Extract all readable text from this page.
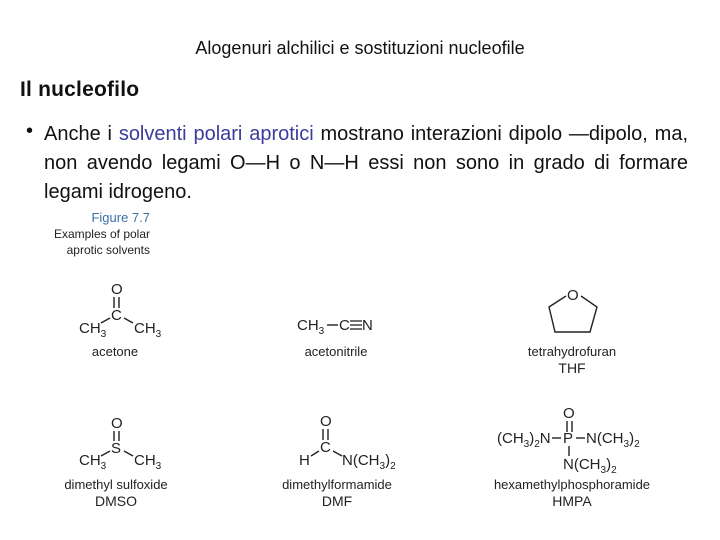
Alogenuri alchilici e sostituzioni nucleofile
Il nucleofilo
• Anche i solventi polari aprotici mostrano interazioni dipolo —dipolo, ma, non avendo legami O—H o N—H essi non sono in grado di formare legami idrogeno.
Figure 7.7
Examples of polar aprotic solvents
O
C
$CH_3$ $CH_3$
acetone
$CH_3$ C N
acetonitrile
O
tetrahydrofuran
THF
O
S
$CH_3$ $CH_3$
dimethyl sulfoxide
DMSO
O
C
H $N(CH_3)_2$
dimethylformamide
DMF
O
$(CH_3)_2N$ P $N(CH_3)_2$
$N(CH_3)_2$
hexamethylphosphoramide
HMPA
